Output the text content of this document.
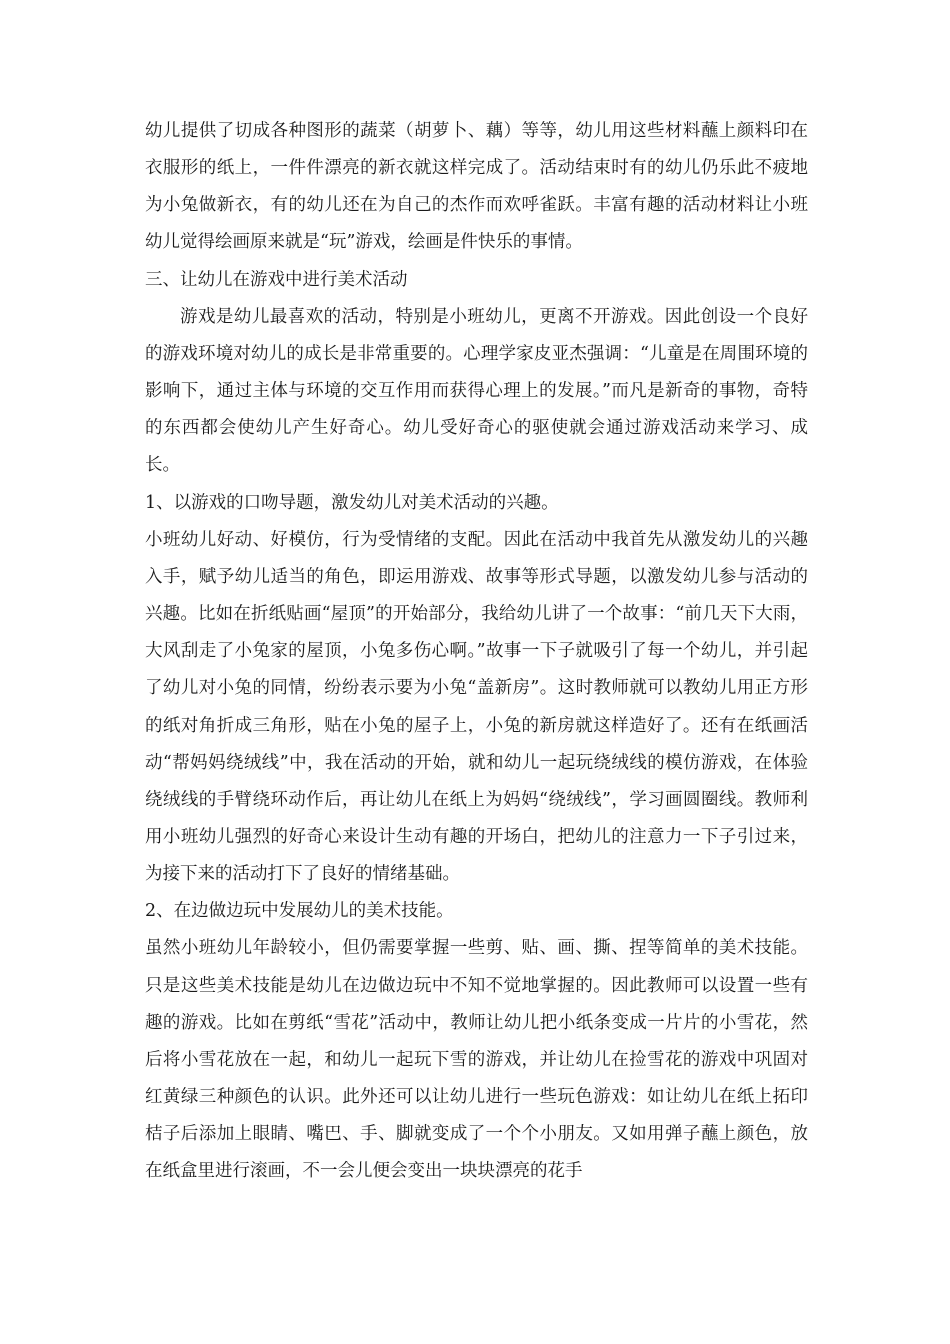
幼儿提供了切成各种图形的蔬菜（胡萝卜、藕）等等，幼儿用这些材料蘸上颜料印在衣服形的纸上，一件件漂亮的新衣就这样完成了。活动结束时有的幼儿仍乐此不疲地为小兔做新衣，有的幼儿还在为自己的杰作而欢呼雀跃。丰富有趣的活动材料让小班幼儿觉得绘画原来就是“玩”游戏，绘画是件快乐的事情。

三、让幼儿在游戏中进行美术活动

游戏是幼儿最喜欢的活动，特别是小班幼儿，更离不开游戏。因此创设一个良好的游戏环境对幼儿的成长是非常重要的。心理学家皮亚杰强调：“儿童是在周围环境的影响下，通过主体与环境的交互作用而获得心理上的发展。”而凡是新奇的事物，奇特的东西都会使幼儿产生好奇心。幼儿受好奇心的驱使就会通过游戏活动来学习、成长。

1、以游戏的口吻导题，激发幼儿对美术活动的兴趣。

小班幼儿好动、好模仿，行为受情绪的支配。因此在活动中我首先从激发幼儿的兴趣入手，赋予幼儿适当的角色，即运用游戏、故事等形式导题，以激发幼儿参与活动的兴趣。比如在折纸贴画“屋顶”的开始部分，我给幼儿讲了一个故事：“前几天下大雨，大风刮走了小兔家的屋顶，小兔多伤心啊。”故事一下子就吸引了每一个幼儿，并引起了幼儿对小兔的同情，纷纷表示要为小兔“盖新房”。这时教师就可以教幼儿用正方形的纸对角折成三角形，贴在小兔的屋子上，小兔的新房就这样造好了。还有在纸画活动“帮妈妈绕绒线”中，我在活动的开始，就和幼儿一起玩绕绒线的模仿游戏，在体验绕绒线的手臂绕环动作后，再让幼儿在纸上为妈妈“绕绒线”，学习画圆圈线。教师利用小班幼儿强烈的好奇心来设计生动有趣的开场白，把幼儿的注意力一下子引过来，为接下来的活动打下了良好的情绪基础。

2、在边做边玩中发展幼儿的美术技能。

虽然小班幼儿年龄较小，但仍需要掌握一些剪、贴、画、撕、捏等简单的美术技能。只是这些美术技能是幼儿在边做边玩中不知不觉地掌握的。因此教师可以设置一些有趣的游戏。比如在剪纸“雪花”活动中，教师让幼儿把小纸条变成一片片的小雪花，然后将小雪花放在一起，和幼儿一起玩下雪的游戏，并让幼儿在捡雪花的游戏中巩固对红黄绿三种颜色的认识。此外还可以让幼儿进行一些玩色游戏：如让幼儿在纸上拓印桔子后添加上眼睛、嘴巴、手、脚就变成了一个个小朋友。又如用弹子蘸上颜色，放在纸盒里进行滚画，不一会儿便会变出一块块漂亮的花手
